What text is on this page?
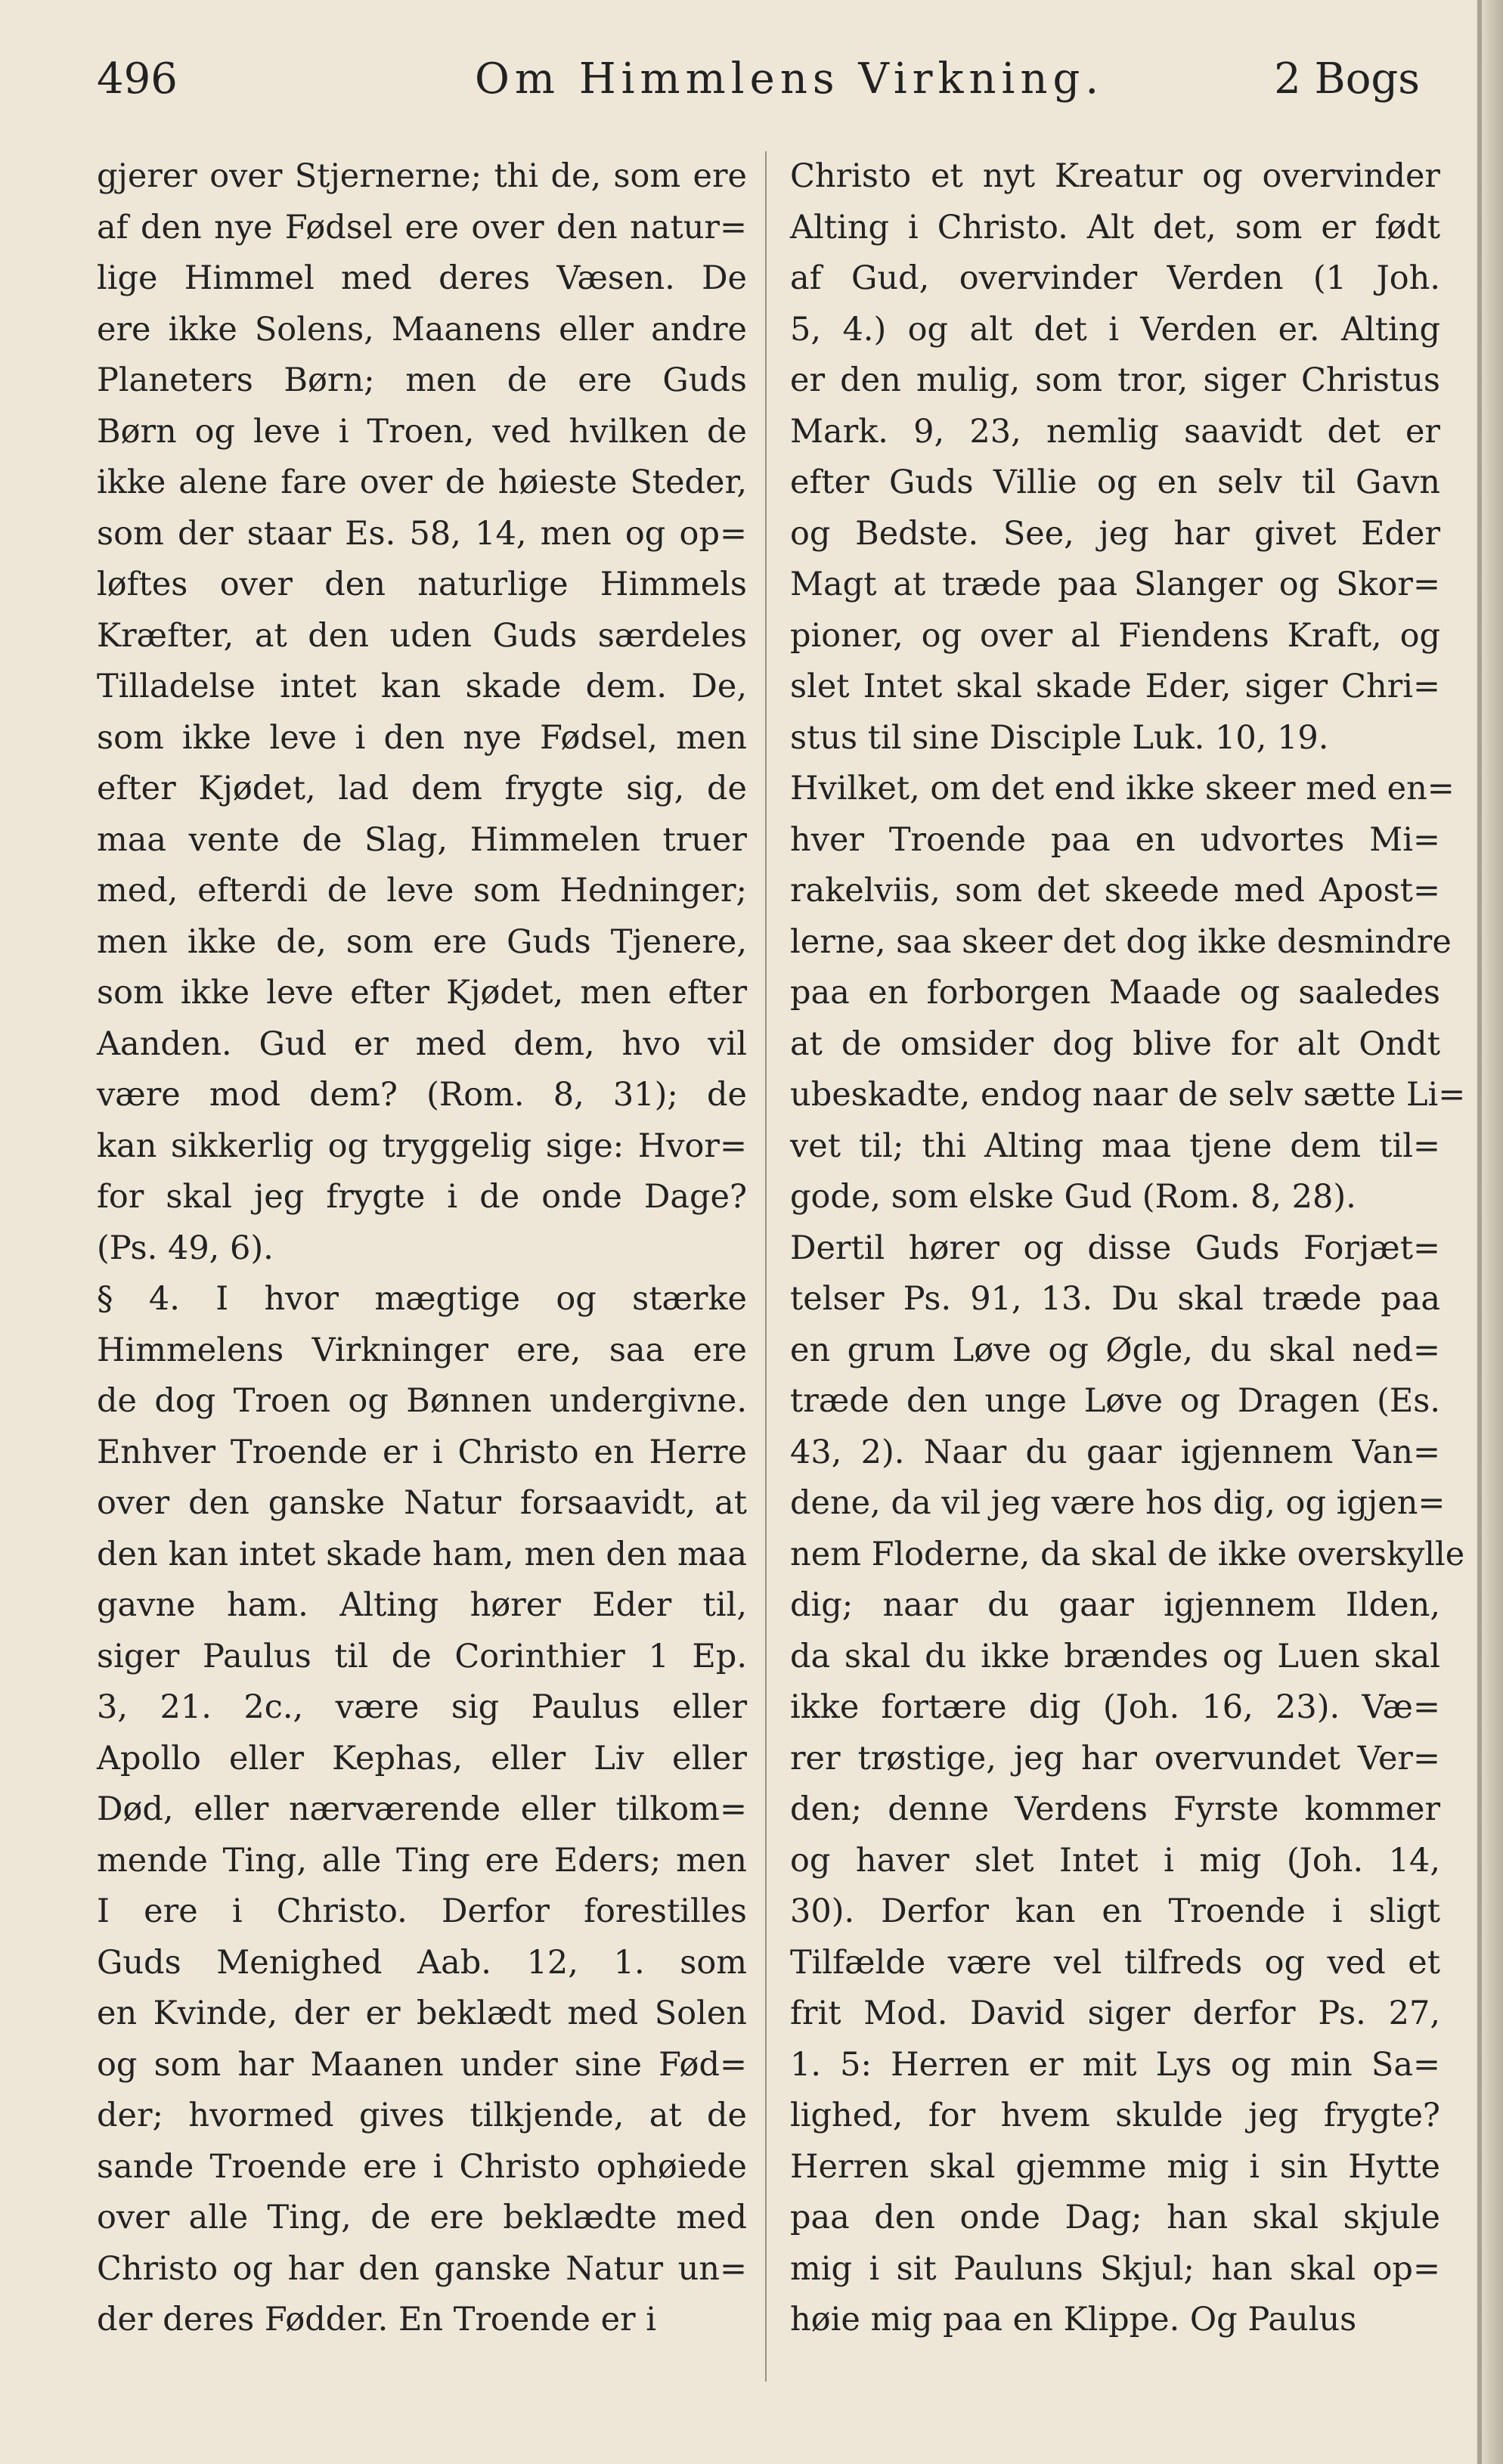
496	Om Himmlens Virkning.	2 Bogs
gjerer over Stjernerne; thi de, som ere
af den nye Fødsel ere over den natur=
lige Himmel med deres Væsen. De
ere ikke Solens, Maanens eller andre
Planeters Børn; men de ere Guds
Børn og leve i Troen, ved hvilken de
ikke alene fare over de høieste Steder,
som der staar Es. 58, 14, men og op=
løftes over den naturlige Himmels
Kræfter, at den uden Guds særdeles
Tilladelse intet kan skade dem. De,
som ikke leve i den nye Fødsel, men
efter Kjødet, lad dem frygte sig, de
maa vente de Slag, Himmelen truer
med, efterdi de leve som Hedninger;
men ikke de, som ere Guds Tjenere,
som ikke leve efter Kjødet, men efter
Aanden. Gud er med dem, hvo vil
være mod dem? (Rom. 8, 31); de
kan sikkerlig og tryggelig sige: Hvor=
for skal jeg frygte i de onde Dage?
(Ps. 49, 6).
§ 4. I hvor mægtige og stærke
Himmelens Virkninger ere, saa ere
de dog Troen og Bønnen undergivne.
Enhver Troende er i Christo en Herre
over den ganske Natur forsaavidt, at
den kan intet skade ham, men den maa
gavne ham. Alting hører Eder til,
siger Paulus til de Corinthier 1 Ep.
3, 21. 2c., være sig Paulus eller
Apollo eller Kephas, eller Liv eller
Død, eller nærværende eller tilkom=
mende Ting, alle Ting ere Eders; men
I ere i Christo. Derfor forestilles
Guds Menighed Aab. 12, 1. som
en Kvinde, der er beklædt med Solen
og som har Maanen under sine Fød=
der; hvormed gives tilkjende, at de
sande Troende ere i Christo ophøiede
over alle Ting, de ere beklædte med
Christo og har den ganske Natur un=
der deres Fødder. En Troende er i
Christo et nyt Kreatur og overvinder
Alting i Christo. Alt det, som er født
af Gud, overvinder Verden (1 Joh.
5, 4.) og alt det i Verden er. Alting
er den mulig, som tror, siger Christus
Mark. 9, 23, nemlig saavidt det er
efter Guds Villie og en selv til Gavn
og Bedste. See, jeg har givet Eder
Magt at træde paa Slanger og Skor=
pioner, og over al Fiendens Kraft, og
slet Intet skal skade Eder, siger Chri=
stus til sine Disciple Luk. 10, 19.
Hvilket, om det end ikke skeer med en=
hver Troende paa en udvortes Mi=
rakelviis, som det skeede med Apost=
lerne, saa skeer det dog ikke desmindre
paa en forborgen Maade og saaledes
at de omsider dog blive for alt Ondt
ubeskadte, endog naar de selv sætte Li=
vet til; thi Alting maa tjene dem til=
gode, som elske Gud (Rom. 8, 28).
Dertil hører og disse Guds Forjæt=
telser Ps. 91, 13. Du skal træde paa
en grum Løve og Øgle, du skal ned=
træde den unge Løve og Dragen (Es.
43, 2). Naar du gaar igjennem Van=
dene, da vil jeg være hos dig, og igjen=
nem Floderne, da skal de ikke overskylle
dig; naar du gaar igjennem Ilden,
da skal du ikke brændes og Luen skal
ikke fortære dig (Joh. 16, 23). Væ=
rer trøstige, jeg har overvundet Ver=
den; denne Verdens Fyrste kommer
og haver slet Intet i mig (Joh. 14,
30). Derfor kan en Troende i sligt
Tilfælde være vel tilfreds og ved et
frit Mod. David siger derfor Ps. 27,
1. 5: Herren er mit Lys og min Sa=
lighed, for hvem skulde jeg frygte?
Herren skal gjemme mig i sin Hytte
paa den onde Dag; han skal skjule
mig i sit Pauluns Skjul; han skal op=
høie mig paa en Klippe. Og Paulus
